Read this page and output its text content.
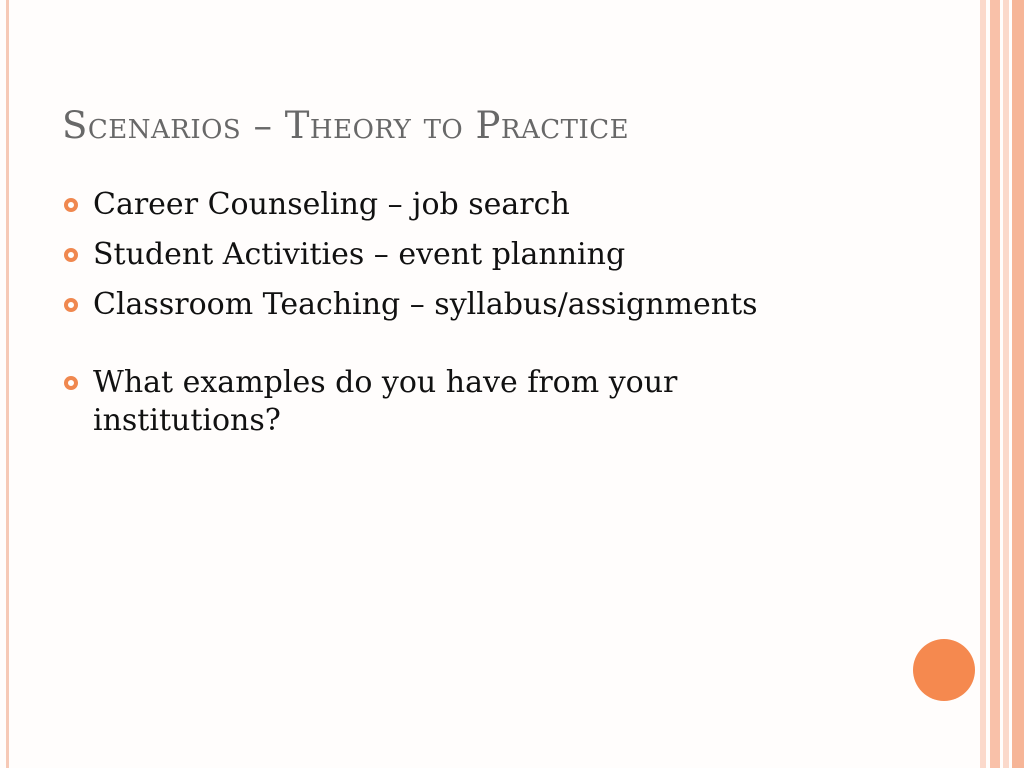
Scenarios – Theory to Practice
Career Counseling – job search
Student Activities – event planning
Classroom Teaching – syllabus/assignments
What examples do you have from your institutions?
